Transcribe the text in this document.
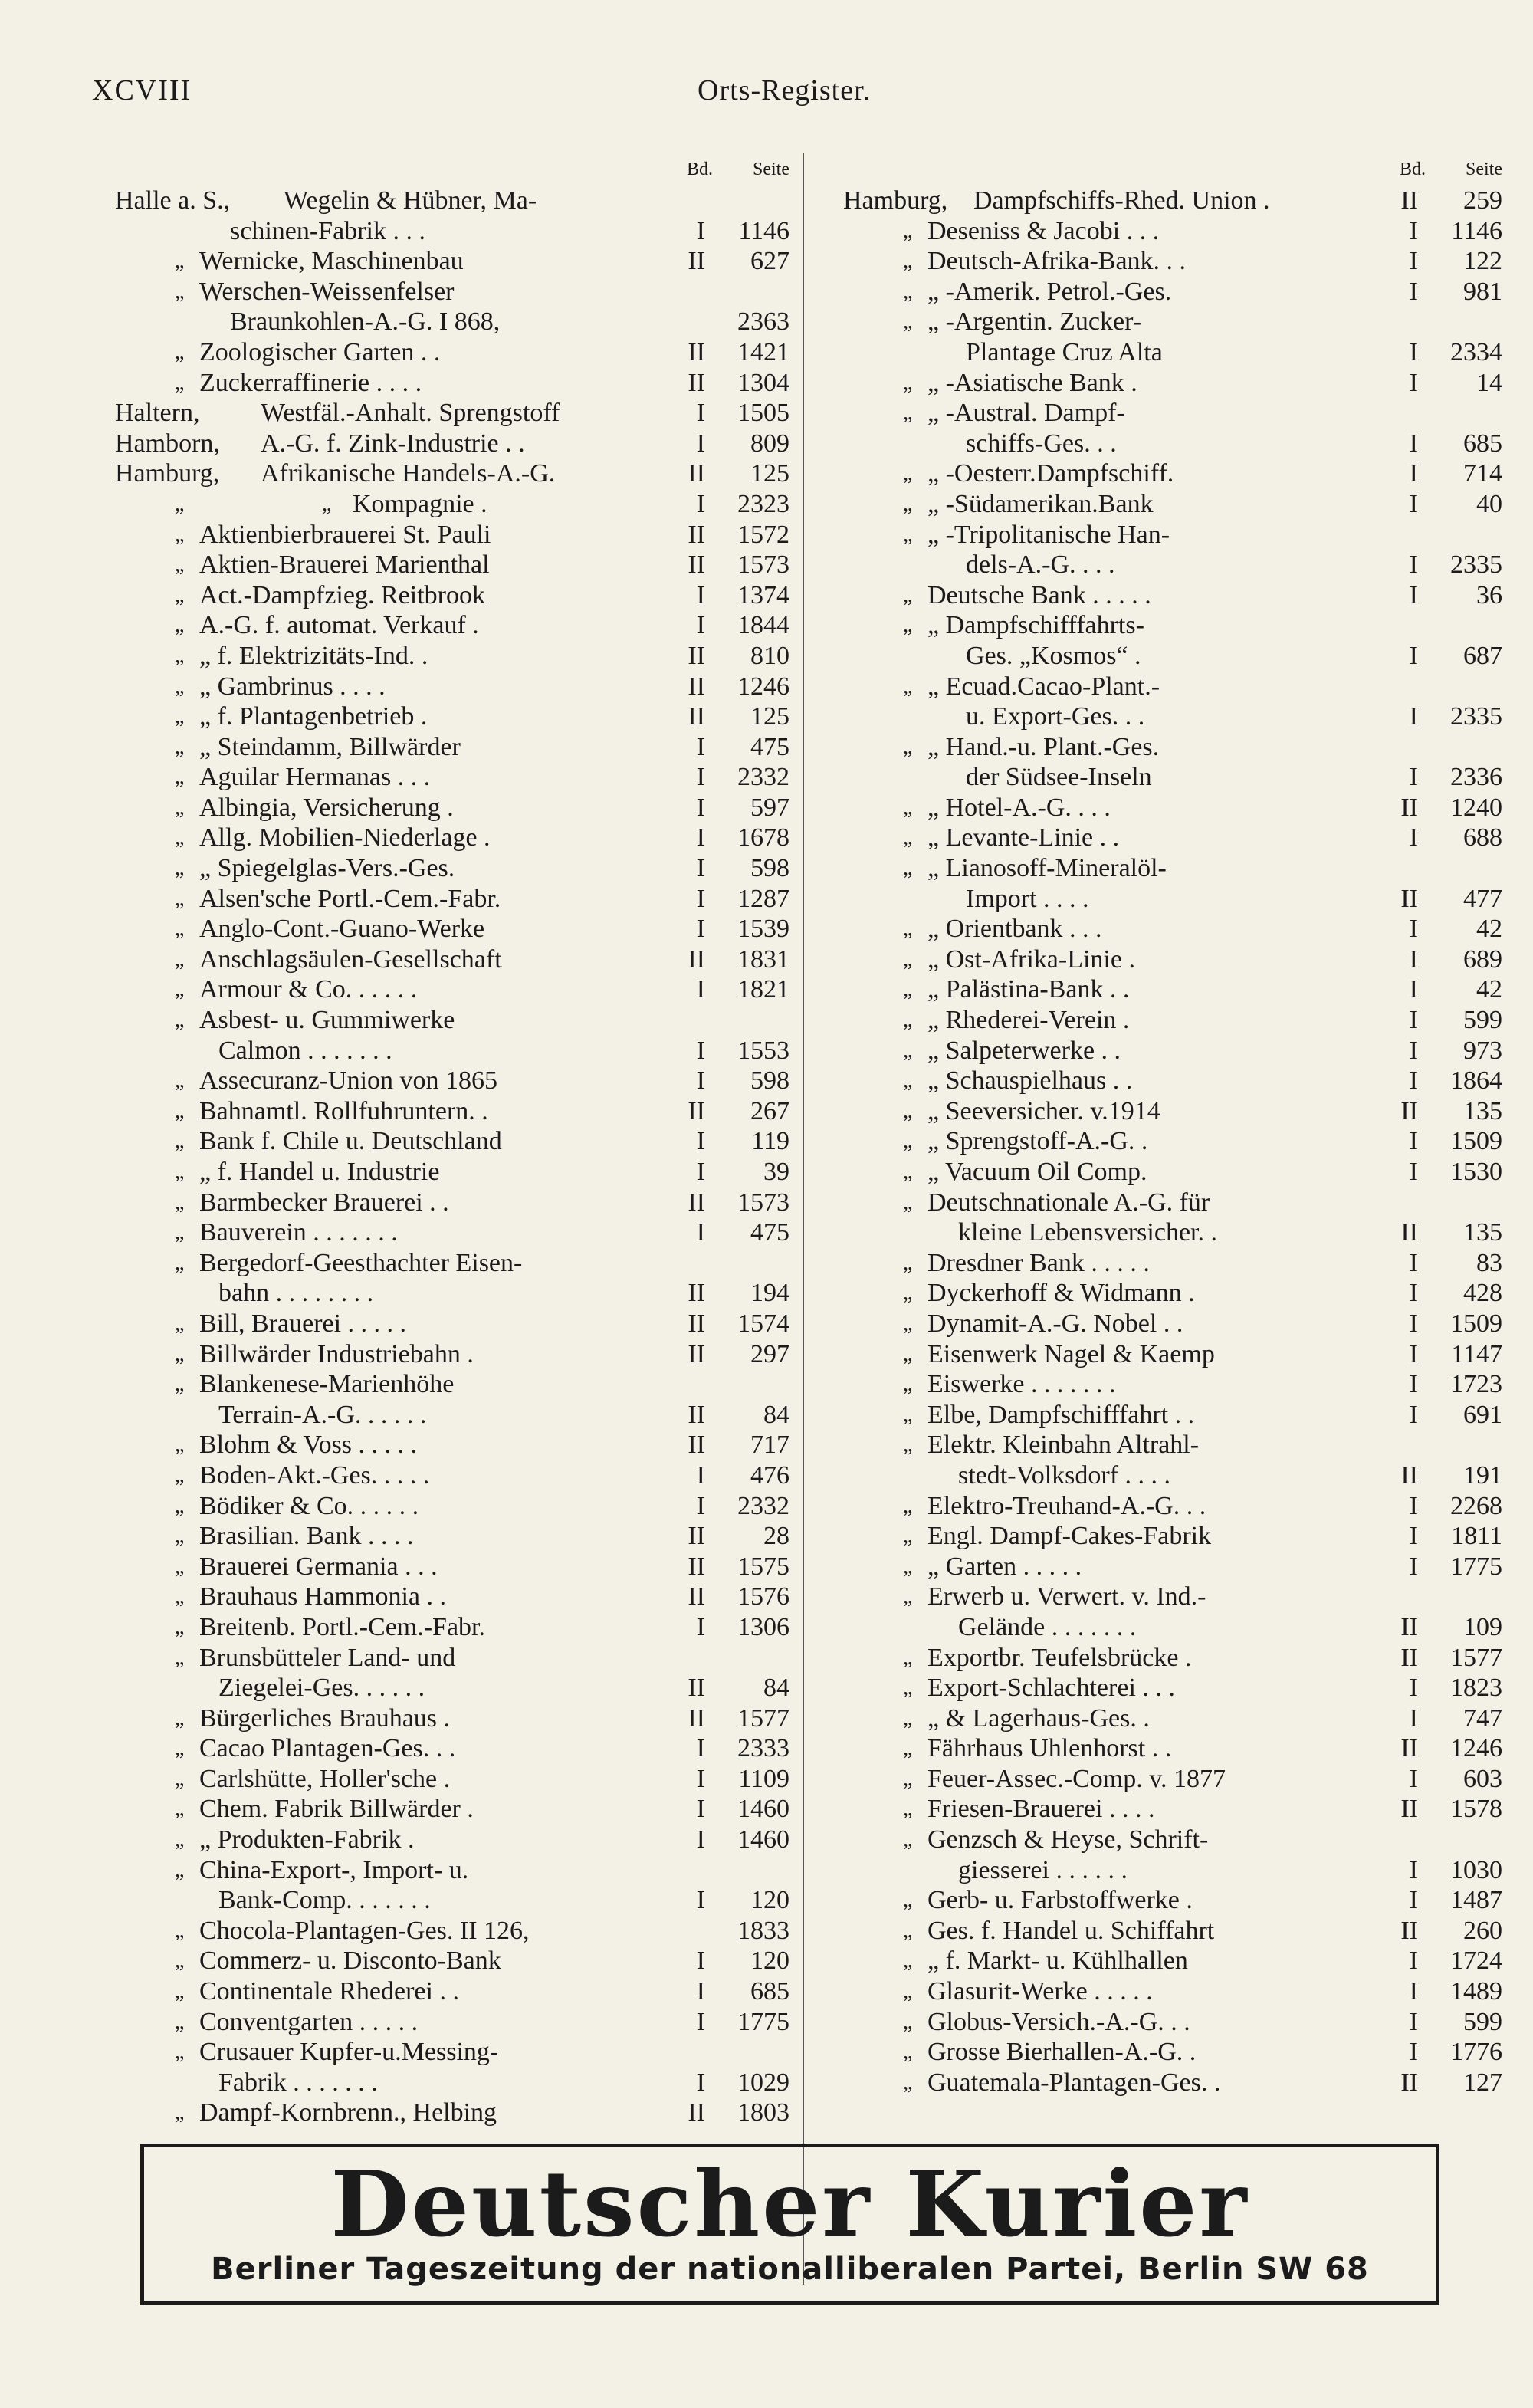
XCVIII	Orts-Register.
Bd. Seite
Halle a. S., Wegelin & Hübner, Ma-
schinen-Fabrik . . .	I 1146
„ Wernicke, Maschinenbau	II 627
„ Werschen-Weissenfelser
Braunkohlen-A.-G. I 868,	2363
„ Zoologischer Garten . .	II 1421
„ Zuckerraffinerie . . . .	II 1304
Haltern, Westfäl.-Anhalt. Sprengstoff	I 1505
Hamborn, A.-G. f. Zink-Industrie . .	I 809
Hamburg, Afrikanische Handels-A.-G.	II 125
„	„ Kompagnie .	I 2323
„ Aktienbierbrauerei St. Pauli	II 1572
„ Aktien-Brauerei Marienthal	II 1573
„ Act.-Dampfzieg. Reitbrook	I 1374
„ A.-G. f. automat. Verkauf .	I 1844
„ „ f. Elektrizitäts-Ind. .	II 810
„ „ Gambrinus . . . .	II 1246
„ „ f. Plantagenbetrieb .	II 125
„ „ Steindamm, Billwärder	I 475
„ Aguilar Hermanas . . .	I 2332
„ Albingia, Versicherung .	I 597
„ Allg. Mobilien-Niederlage .	I 1678
„ „ Spiegelglas-Vers.-Ges.	I 598
„ Alsen'sche Portl.-Cem.-Fabr.	I 1287
„ Anglo-Cont.-Guano-Werke	I 1539
„ Anschlagsäulen-Gesellschaft	II 1831
„ Armour & Co. . . . . .	I 1821
„ Asbest- u. Gummiwerke
Calmon . . . . . . .	I 1553
„ Assecuranz-Union von 1865	I 598
„ Bahnamtl. Rollfuhruntern. .	II 267
„ Bank f. Chile u. Deutschland	I 119
„ „ f. Handel u. Industrie	I 39
„ Barmbecker Brauerei . .	II 1573
„ Bauverein . . . . . . .	I 475
„ Bergedorf-Geesthachter Eisen-
bahn . . . . . . . .	II 194
„ Bill, Brauerei . . . . .	II 1574
„ Billwärder Industriebahn .	II 297
„ Blankenese-Marienhöhe
Terrain-A.-G. . . . . .	II 84
„ Blohm & Voss . . . . .	II 717
„ Boden-Akt.-Ges. . . . .	I 476
„ Bödiker & Co. . . . . .	I 2332
„ Brasilian. Bank . . . .	II 28
„ Brauerei Germania . . .	II 1575
„ Brauhaus Hammonia . .	II 1576
„ Breitenb. Portl.-Cem.-Fabr.	I 1306
„ Brunsbütteler Land- und
Ziegelei-Ges. . . . . .	II 84
„ Bürgerliches Brauhaus .	II 1577
„ Cacao Plantagen-Ges. . .	I 2333
„ Carlshütte, Holler'sche .	I 1109
„ Chem. Fabrik Billwärder .	I 1460
„ „ Produkten-Fabrik .	I 1460
„ China-Export-, Import- u.
Bank-Comp. . . . . . .	I 120
„ Chocola-Plantagen-Ges. II 126,	1833
„ Commerz- u. Disconto-Bank	I 120
„ Continentale Rhederei . .	I 685
„ Conventgarten . . . . .	I 1775
„ Crusauer Kupfer-u.Messing-
Fabrik . . . . . . .	I 1029
„ Dampf-Kornbrenn., Helbing	II 1803
Bd. Seite
Hamburg, Dampfschiffs-Rhed. Union .	II 259
„ Deseniss & Jacobi . . .	I 1146
„ Deutsch-Afrika-Bank. . .	I 122
„ „ -Amerik. Petrol.-Ges.	I 981
„ „ -Argentin. Zucker-
Plantage Cruz Alta	I 2334
„ „ -Asiatische Bank .	I 14
„ „ -Austral. Dampf-
schiffs-Ges. . .	I 685
„ „ -Oesterr.Dampfschiff.	I 714
„ „ -Südamerikan.Bank	I 40
„ „ -Tripolitanische Han-
dels-A.-G. . . .	I 2335
„ Deutsche Bank . . . . .	I 36
„ „ Dampfschifffahrts-
Ges. „Kosmos“ .	I 687
„ „ Ecuad.Cacao-Plant.-
u. Export-Ges. . .	I 2335
„ „ Hand.-u. Plant.-Ges.
der Südsee-Inseln	I 2336
„ „ Hotel-A.-G. . . .	II 1240
„ „ Levante-Linie . .	I 688
„ „ Lianosoff-Mineralöl-
Import . . . .	II 477
„ „ Orientbank . . .	I 42
„ „ Ost-Afrika-Linie .	I 689
„ „ Palästina-Bank . .	I 42
„ „ Rhederei-Verein .	I 599
„ „ Salpeterwerke . .	I 973
„ „ Schauspielhaus . .	I 1864
„ „ Seeversicher. v.1914	II 135
„ „ Sprengstoff-A.-G. .	I 1509
„ „ Vacuum Oil Comp.	I 1530
„ Deutschnationale A.-G. für
kleine Lebensversicher. .	II 135
„ Dresdner Bank . . . . .	I 83
„ Dyckerhoff & Widmann .	I 428
„ Dynamit-A.-G. Nobel . .	I 1509
„ Eisenwerk Nagel & Kaemp	I 1147
„ Eiswerke . . . . . . .	I 1723
„ Elbe, Dampfschifffahrt . .	I 691
„ Elektr. Kleinbahn Altrahl-
stedt-Volksdorf . . . .	II 191
„ Elektro-Treuhand-A.-G. . .	I 2268
„ Engl. Dampf-Cakes-Fabrik	I 1811
„ „ Garten . . . . .	I 1775
„ Erwerb u. Verwert. v. Ind.-
Gelände . . . . . . .	II 109
„ Exportbr. Teufelsbrücke .	II 1577
„ Export-Schlachterei . . .	I 1823
„ „ & Lagerhaus-Ges. .	I 747
„ Fährhaus Uhlenhorst . .	II 1246
„ Feuer-Assec.-Comp. v. 1877	I 603
„ Friesen-Brauerei . . . .	II 1578
„ Genzsch & Heyse, Schrift-
giesserei . . . . . .	I 1030
„ Gerb- u. Farbstoffwerke .	I 1487
„ Ges. f. Handel u. Schiffahrt	II 260
„ „ f. Markt- u. Kühlhallen	I 1724
„ Glasurit-Werke . . . . .	I 1489
„ Globus-Versich.-A.-G. . .	I 599
„ Grosse Bierhallen-A.-G. .	I 1776
„ Guatemala-Plantagen-Ges. .	II 127
Deutscher Kurier
Berliner Tageszeitung der nationalliberalen Partei, Berlin SW 68
